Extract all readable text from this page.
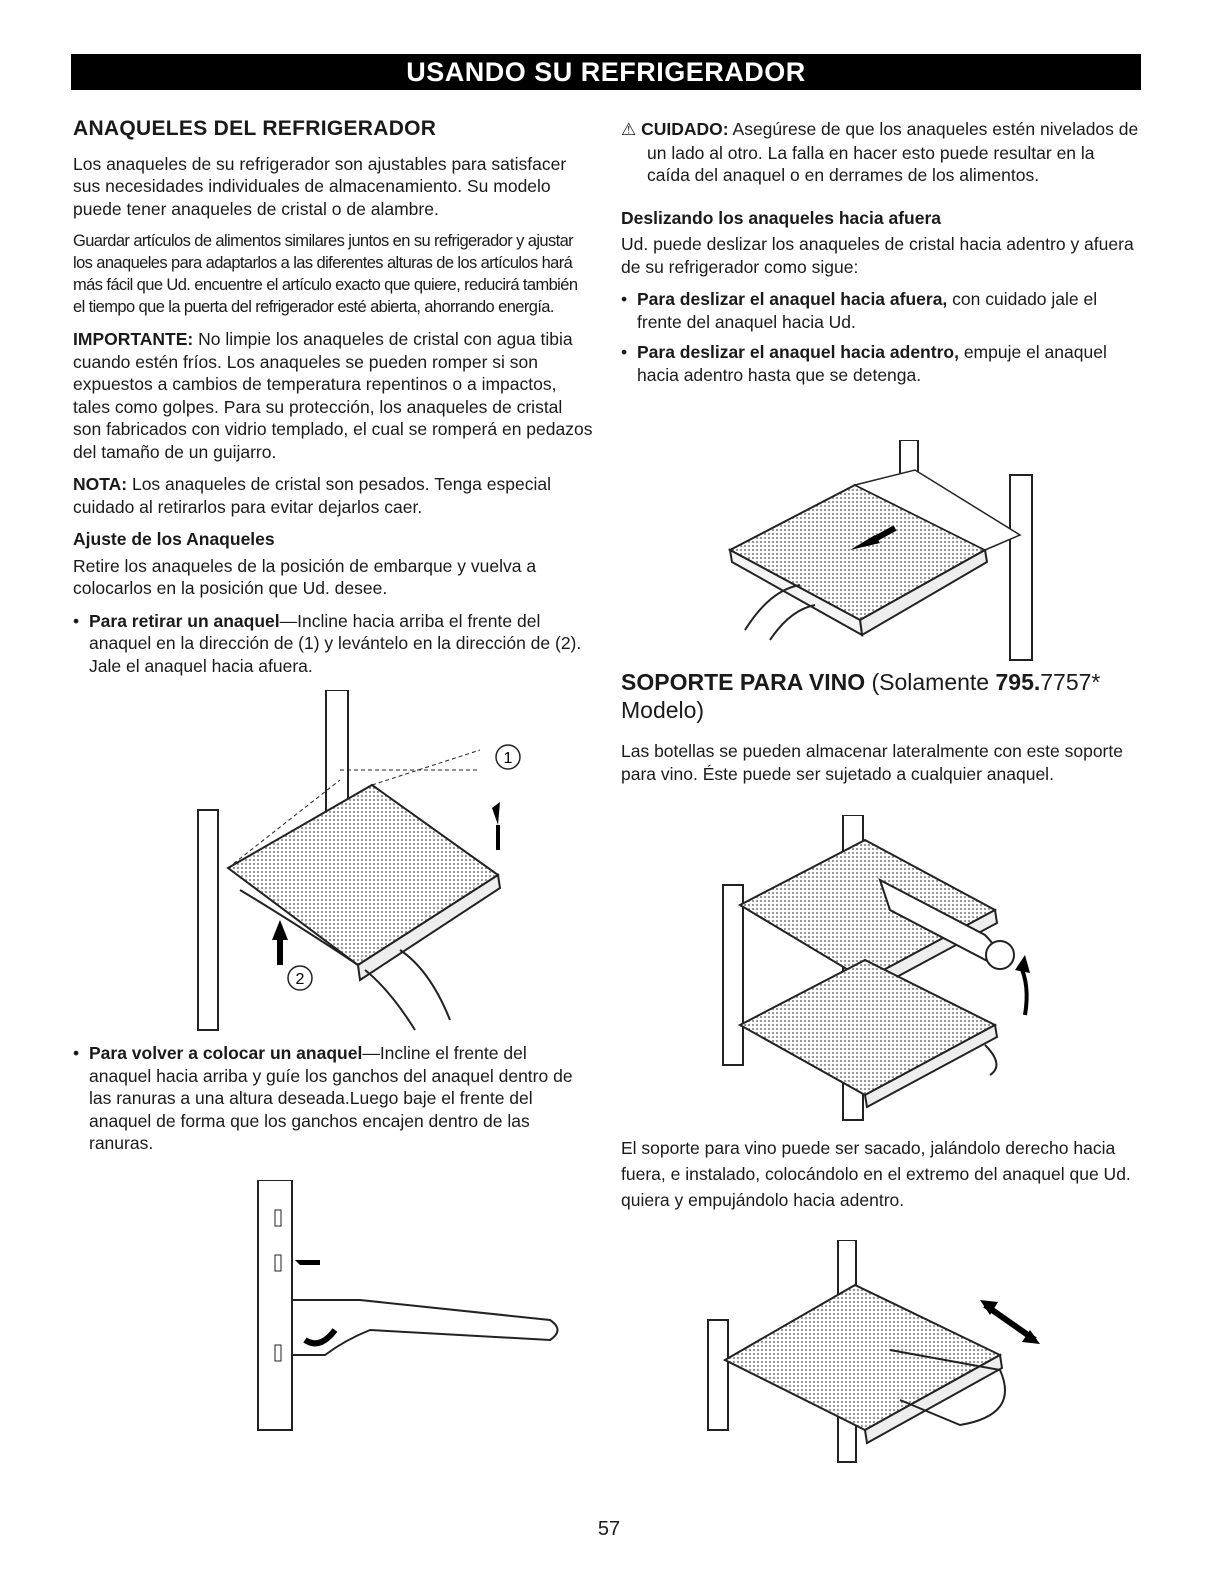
USANDO SU REFRIGERADOR
ANAQUELES DEL REFRIGERADOR

Los anaqueles de su refrigerador son ajustables para satisfacer sus necesidades individuales de almacenamiento. Su modelo puede tener anaqueles de cristal o de alambre.

Guardar artículos de alimentos similares juntos en su refrigerador y ajustar los anaqueles para adaptarlos a las diferentes alturas de los artículos hará más fácil que Ud. encuentre el artículo exacto que quiere, reducirá también el tiempo que la puerta del refrigerador esté abierta, ahorrando energía.

IMPORTANTE: No limpie los anaqueles de cristal con agua tibia cuando estén fríos. Los anaqueles se pueden romper si son expuestos a cambios de temperatura repentinos o a impactos, tales como golpes. Para su protección, los anaqueles de cristal son fabricados con vidrio templado, el cual se romperá en pedazos del tamaño de un guijarro.

NOTA: Los anaqueles de cristal son pesados. Tenga especial cuidado al retirarlos para evitar dejarlos caer.

Ajuste de los Anaqueles

Retire los anaqueles de la posición de embarque y vuelva a colocarlos en la posición que Ud. desee.

• Para retirar un anaquel—Incline hacia arriba el frente del anaquel en la dirección de (1) y levántelo en la dirección de (2). Jale el anaquel hacia afuera.
1
2
• Para volver a colocar un anaquel—Incline el frente del anaquel hacia arriba y guíe los ganchos del anaquel dentro de las ranuras a una altura deseada.Luego baje el frente del anaquel de forma que los ganchos encajen dentro de las ranuras.

⚠ CUIDADO: Asegúrese de que los anaqueles estén nivelados de un lado al otro. La falla en hacer esto puede resultar en la caída del anaquel o en derrames de los alimentos.

Deslizando los anaqueles hacia afuera

Ud. puede deslizar los anaqueles de cristal hacia adentro y afuera de su refrigerador como sigue:

• Para deslizar el anaquel hacia afuera, con cuidado jale el frente del anaquel hacia Ud.
• Para deslizar el anaquel hacia adentro, empuje el anaquel hacia adentro hasta que se detenga.
SOPORTE PARA VINO (Solamente 795.7757* Modelo)

Las botellas se pueden almacenar lateralmente con este soporte para vino. Éste puede ser sujetado a cualquier anaquel.

El soporte para vino puede ser sacado, jalándolo derecho hacia fuera, e instalado, colocándolo en el extremo del anaquel que Ud. quiera y empujándolo hacia adentro.

57
